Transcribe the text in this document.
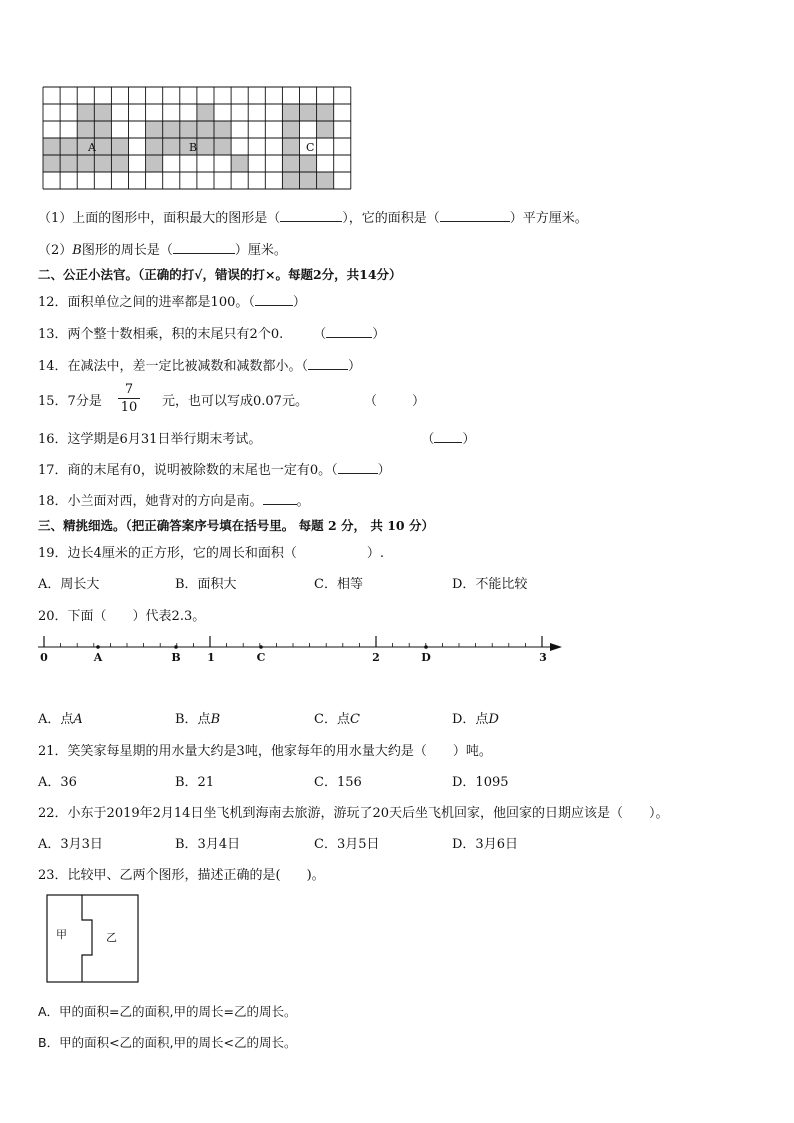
A	B	C
（1）上面的图形中，面积最大的图形是（	），它的面积是（	）平方厘米。
（2）B图形的周长是（	）厘米。
二、公正小法官。（正确的打√，错误的打×。每题2分，共14分）
12．面积单位之间的进率都是100。（	）
13．两个整十数相乘，积的末尾只有2个0. （	）
14．在减法中，差一定比被减数和减数都小。（	）
15．7分是
7
10 元，也可以写成0.07元。	（	）
16．这学期是6月31日举行期末考试。	（ ）
17．商的末尾有0，说明被除数的末尾也一定有0。（	）
18．小兰面对西，她背对的方向是南。	。
三、精挑细选。（把正确答案序号填在括号里。 每题 2 分， 共 10 分）
19．边长4厘米的正方形，它的周长和面积（	）.
A．周长大	B．面积大	C．相等	D．不能比较
20．下面（　　）代表2.3。
0	1	2	3
A	B	C	D
A．点A	B．点B	C．点C	D．点D
21．笑笑家每星期的用水量大约是3吨，他家每年的用水量大约是（　　）吨。
A．36	B．21	C．156	D．1095
22．小东于2019年2月14日坐飞机到海南去旅游，游玩了20天后坐飞机回家，他回家的日期应该是（　　）。
A．3月3日	B．3月4日	C．3月5日	D．3月6日
23．比较甲、乙两个图形，描述正确的是(　　)。
甲	乙
A．甲的面积=乙的面积,甲的周长=乙的周长。
B．甲的面积<乙的面积,甲的周长<乙的周长。
